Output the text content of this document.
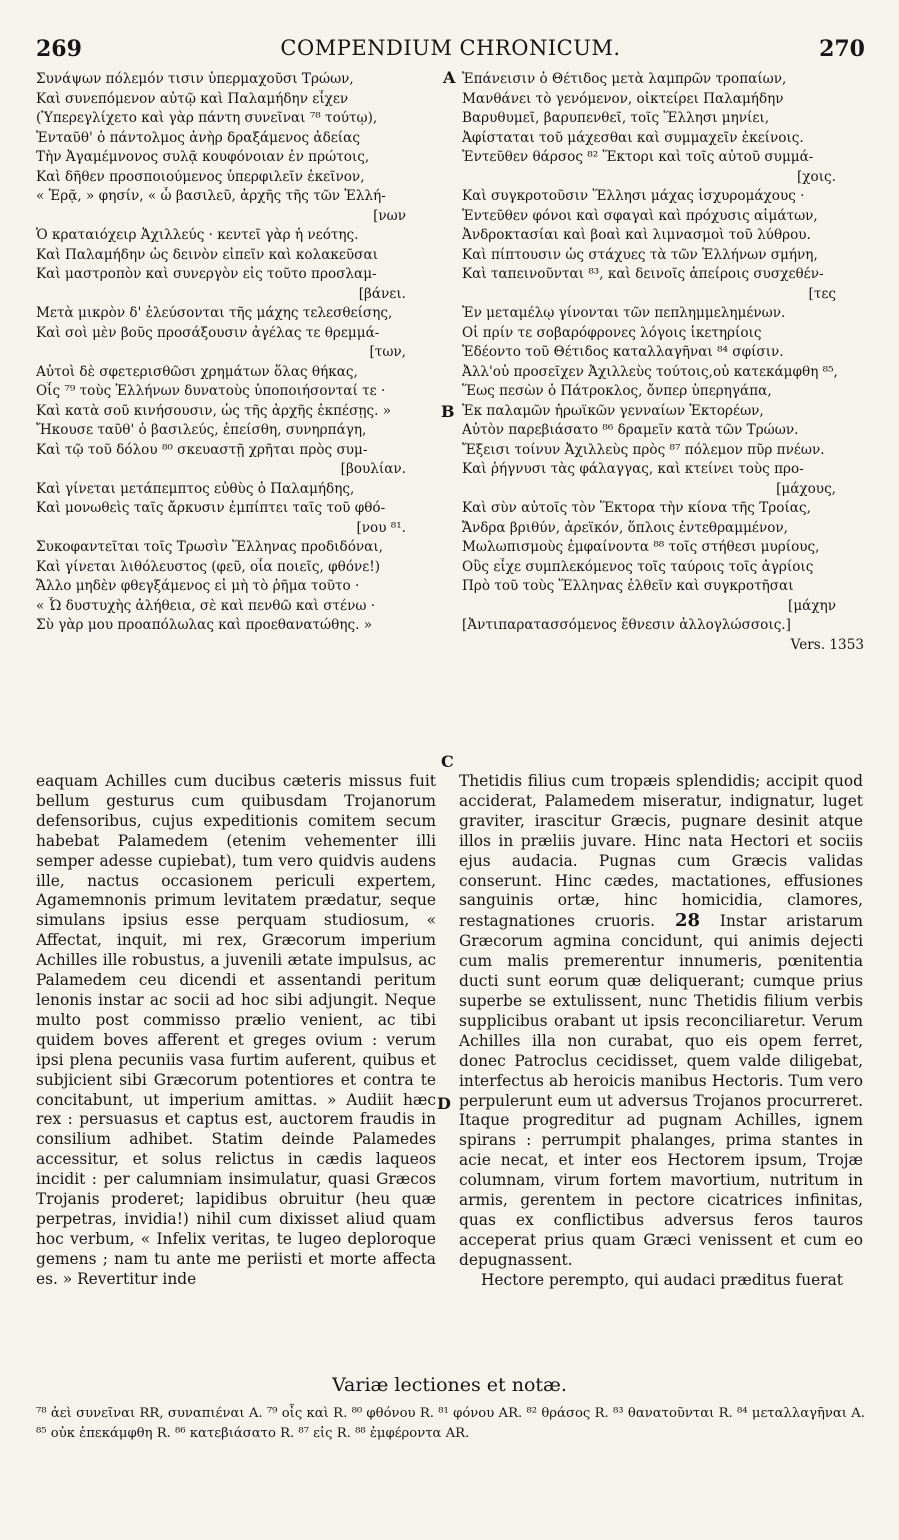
269	COMPENDIUM CHRONICUM.	270
A
B
C
D
Συνάψων πόλεμόν τισιν ὑπερμαχοῦσι Τρώων,
Καὶ συνεπόμενον αὐτῷ καὶ Παλαμήδην εἶχεν
(Ὑπερεγλίχετο καὶ γὰρ πάντη συνεῖναι ⁷⁸ τούτῳ),
Ἐνταῦθ' ὁ πάντολμος ἀνὴρ δραξάμενος ἀδείας
Τὴν Ἀγαμέμνονος συλᾷ κουφόνοιαν ἐν πρώτοις,
Καὶ δῆθεν προσποιούμενος ὑπερφιλεῖν ἐκεῖνον,
« Ἐρᾷ, » φησίν, « ὦ βασιλεῦ, ἀρχῆς τῆς τῶν Ἑλλή-
[νων
Ὁ κραταιόχειρ Ἀχιλλεύς · κεντεῖ γὰρ ἡ νεότης.
Καὶ Παλαμήδην ὡς δεινὸν εἰπεῖν καὶ κολακεῦσαι
Καὶ μαστροπὸν καὶ συνεργὸν εἰς τοῦτο προσλαμ-
[βάνει.
Μετὰ μικρὸν δ' ἐλεύσονται τῆς μάχης τελεσθείσης,
Καὶ σοὶ μὲν βοῦς προσάξουσιν ἀγέλας τε θρεμμά-
[των,
Αὐτοὶ δὲ σφετερισθῶσι χρημάτων ὅλας θήκας,
Οἷς ⁷⁹ τοὺς Ἑλλήνων δυνατοὺς ὑποποιήσονταί τε ·
Καὶ κατὰ σοῦ κινήσουσιν, ὡς τῆς ἀρχῆς ἐκπέσῃς. »
Ἤκουσε ταῦθ' ὁ βασιλεύς, ἐπείσθη, συνηρπάγη,
Καὶ τῷ τοῦ δόλου ⁸⁰ σκευαστῇ χρῆται πρὸς συμ-
[βουλίαν.
Καὶ γίνεται μετάπεμπτος εὐθὺς ὁ Παλαμήδης,
Καὶ μονωθεὶς ταῖς ἄρκυσιν ἐμπίπτει ταῖς τοῦ φθό-
[νου ⁸¹.
Συκοφαντεῖται τοῖς Τρωσὶν Ἕλληνας προδιδόναι,
Καὶ γίνεται λιθόλευστος (φεῦ, οἷα ποιεῖς, φθόνε!)
Ἄλλο μηδὲν φθεγξάμενος εἰ μὴ τὸ ῥῆμα τοῦτο ·
« Ὦ δυστυχὴς ἀλήθεια, σὲ καὶ πενθῶ καὶ στένω ·
Σὺ γὰρ μου προαπόλωλας καὶ προεθανατώθης. »
Ἐπάνεισιν ὁ Θέτιδος μετὰ λαμπρῶν τροπαίων,
Μανθάνει τὸ γενόμενον, οἰκτείρει Παλαμήδην
Βαρυθυμεῖ, βαρυπενθεῖ, τοῖς Ἕλλησι μηνίει,
Ἀφίσταται τοῦ μάχεσθαι καὶ συμμαχεῖν ἐκείνοις.
Ἐντεῦθεν θάρσος ⁸² Ἕκτορι καὶ τοῖς αὐτοῦ συμμά-
[χοις.
Καὶ συγκροτοῦσιν Ἕλλησι μάχας ἰσχυρομάχους ·
Ἐντεῦθεν φόνοι καὶ σφαγαὶ καὶ πρόχυσις αἱμάτων,
Ἀνδροκτασίαι καὶ βοαὶ καὶ λιμνασμοὶ τοῦ λύθρου.
Καὶ πίπτουσιν ὡς στάχυες τὰ τῶν Ἑλλήνων σμήνη,
Καὶ ταπεινοῦνται ⁸³, καὶ δεινοῖς ἀπείροις συσχεθέν-
[τες
Ἐν μεταμέλῳ γίνονται τῶν πεπλημμελημένων.
Οἱ πρίν τε σοβαρόφρονες λόγοις ἱκετηρίοις
Ἐδέοντο τοῦ Θέτιδος καταλλαγῆναι ⁸⁴ σφίσιν.
Ἀλλ'οὐ προσεῖχεν Ἀχιλλεὺς τούτοις,οὐ κατεκάμφθη ⁸⁵,
Ἕως πεσὼν ὁ Πάτροκλος, ὄνπερ ὑπερηγάπα,
Ἐκ παλαμῶν ἡρωϊκῶν γενναίων Ἑκτορέων,
Αὐτὸν παρεβιάσατο ⁸⁶ δραμεῖν κατὰ τῶν Τρώων.
Ἔξεισι τοίνυν Ἀχιλλεὺς πρὸς ⁸⁷ πόλεμον πῦρ πνέων.
Καὶ ῥήγνυσι τὰς φάλαγγας, καὶ κτείνει τοὺς προ-
[μάχους,
Καὶ σὺν αὐτοῖς τὸν Ἕκτορα τὴν κίονα τῆς Τροίας,
Ἄνδρα βριθύν, ἀρεϊκόν, ὅπλοις ἐντεθραμμένον,
Μωλωπισμοὺς ἐμφαίνοντα ⁸⁸ τοῖς στήθεσι μυρίους,
Οὓς εἶχε συμπλεκόμενος τοῖς ταύροις τοῖς ἀγρίοις
Πρὸ τοῦ τοὺς Ἕλληνας ἐλθεῖν καὶ συγκροτῆσαι
[μάχην
[Ἀντιπαρατασσόμενος ἔθνεσιν ἀλλογλώσσοις.]
Vers. 1353

eaquam Achilles cum ducibus cæteris missus fuit bellum gesturus cum quibusdam Trojanorum defensoribus, cujus expeditionis comitem secum habebat Palamedem (etenim vehementer illi semper adesse cupiebat), tum vero quidvis audens ille, nactus occasionem periculi expertem, Agamemnonis primum levitatem prædatur, seque simulans ipsius esse perquam studiosum, « Affectat, inquit, mi rex, Græcorum imperium Achilles ille robustus, a juvenili ætate impulsus, ac Palamedem ceu dicendi et assentandi peritum lenonis instar ac socii ad hoc sibi adjungit. Neque multo post commisso prælio venient, ac tibi quidem boves afferent et greges ovium : verum ipsi plena pecuniis vasa furtim auferent, quibus et subjicient sibi Græcorum potentiores et contra te concitabunt, ut imperium amittas. » Audiit hæc rex : persuasus et captus est, auctorem fraudis in consilium adhibet. Statim deinde Palamedes accessitur, et solus relictus in cædis laqueos incidit : per calumniam insimulatur, quasi Græcos Trojanis proderet; lapidibus obruitur (heu quæ perpetras, invidia!) nihil cum dixisset aliud quam hoc verbum, « Infelix veritas, te lugeo deploroque gemens ; nam tu ante me periisti et morte affecta es. » Revertitur inde

Thetidis filius cum tropæis splendidis; accipit quod acciderat, Palamedem miseratur, indignatur, luget graviter, irascitur Græcis, pugnare desinit atque illos in præliis juvare. Hinc nata Hectori et sociis ejus audacia. Pugnas cum Græcis validas conserunt. Hinc cædes, mactationes, effusiones sanguinis ortæ, hinc homicidia, clamores, restagnationes cruoris. 28 Instar aristarum Græcorum agmina concidunt, qui animis dejecti cum malis premerentur innumeris, pœnitentia ducti sunt eorum quæ deliquerant; cumque prius superbe se extulissent, nunc Thetidis filium verbis supplicibus orabant ut ipsis reconciliaretur. Verum Achilles illa non curabat, quo eis opem ferret, donec Patroclus cecidisset, quem valde diligebat, interfectus ab heroicis manibus Hectoris. Tum vero perpulerunt eum ut adversus Trojanos procurreret. Itaque progreditur ad pugnam Achilles, ignem spirans : perrumpit phalanges, prima stantes in acie necat, et inter eos Hectorem ipsum, Trojæ columnam, virum fortem mavortium, nutritum in armis, gerentem in pectore cicatrices infinitas, quas ex conflictibus adversus feros tauros acceperat prius quam Græci venissent et cum eo depugnassent.

Hectore perempto, qui audaci præditus fuerat

Variæ lectiones et notæ.
⁷⁸ ἀεὶ συνεῖναι RR, συναπιέναι A. ⁷⁹ οἷς καὶ R. ⁸⁰ φθόνου R. ⁸¹ φόνου AR. ⁸² θράσος R. ⁸³ θανατοῦνται R. ⁸⁴ μεταλλαγῆναι A. ⁸⁵ οὐκ ἐπεκάμφθη R. ⁸⁶ κατεβιάσατο R. ⁸⁷ εἰς R. ⁸⁸ ἐμφέροντα AR.
